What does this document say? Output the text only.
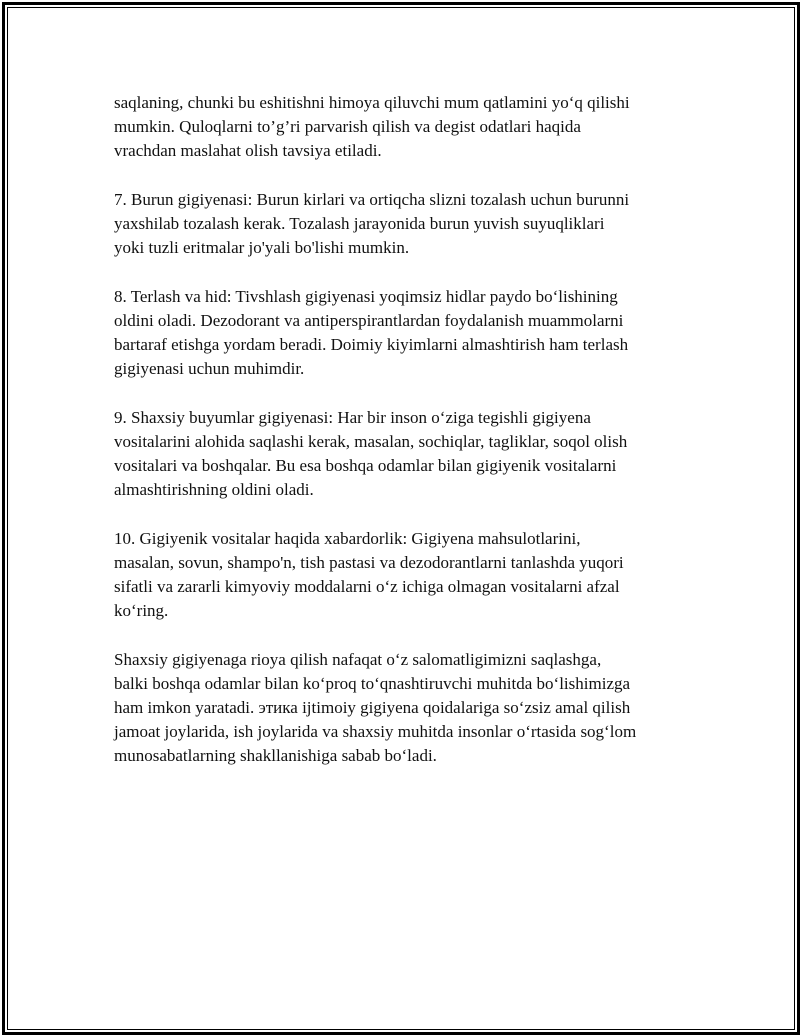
saqlaning, chunki bu eshitishni himoya qiluvchi mum qatlamini yo‘q qilishi
mumkin. Quloqlarni to’g’ri parvarish qilish va degist odatlari haqida
vrachdan maslahat olish tavsiya etiladi.

7. Burun gigiyenasi: Burun kirlari va ortiqcha slizni tozalash uchun burunni
yaxshilab tozalash kerak. Tozalash jarayonida burun yuvish suyuqliklari
yoki tuzli eritmalar jo'yali bo'lishi mumkin.

8. Terlash va hid: Tivshlash gigiyenasi yoqimsiz hidlar paydo bo‘lishining
oldini oladi. Dezodorant va antiperspirantlardan foydalanish muammolarni
bartaraf etishga yordam beradi. Doimiy kiyimlarni almashtirish ham terlash
gigiyenasi uchun muhimdir.

9. Shaxsiy buyumlar gigiyenasi: Har bir inson o‘ziga tegishli gigiyena
vositalarini alohida saqlashi kerak, masalan, sochiqlar, tagliklar, soqol olish
vositalari va boshqalar. Bu esa boshqa odamlar bilan gigiyenik vositalarni
almashtirishning oldini oladi.

10. Gigiyenik vositalar haqida xabardorlik: Gigiyena mahsulotlarini,
masalan, sovun, shampo'n, tish pastasi va dezodorantlarni tanlashda yuqori
sifatli va zararli kimyoviy moddalarni o‘z ichiga olmagan vositalarni afzal
ko‘ring.

Shaxsiy gigiyenaga rioya qilish nafaqat o‘z salomatligimizni saqlashga,
balki boshqa odamlar bilan ko‘proq to‘qnashtiruvchi muhitda bo‘lishimizga
ham imkon yaratadi. этика ijtimoiy gigiyena qoidalariga so‘zsiz amal qilish
jamoat joylarida, ish joylarida va shaxsiy muhitda insonlar o‘rtasida sog‘lom
munosabatlarning shakllanishiga sabab bo‘ladi.
